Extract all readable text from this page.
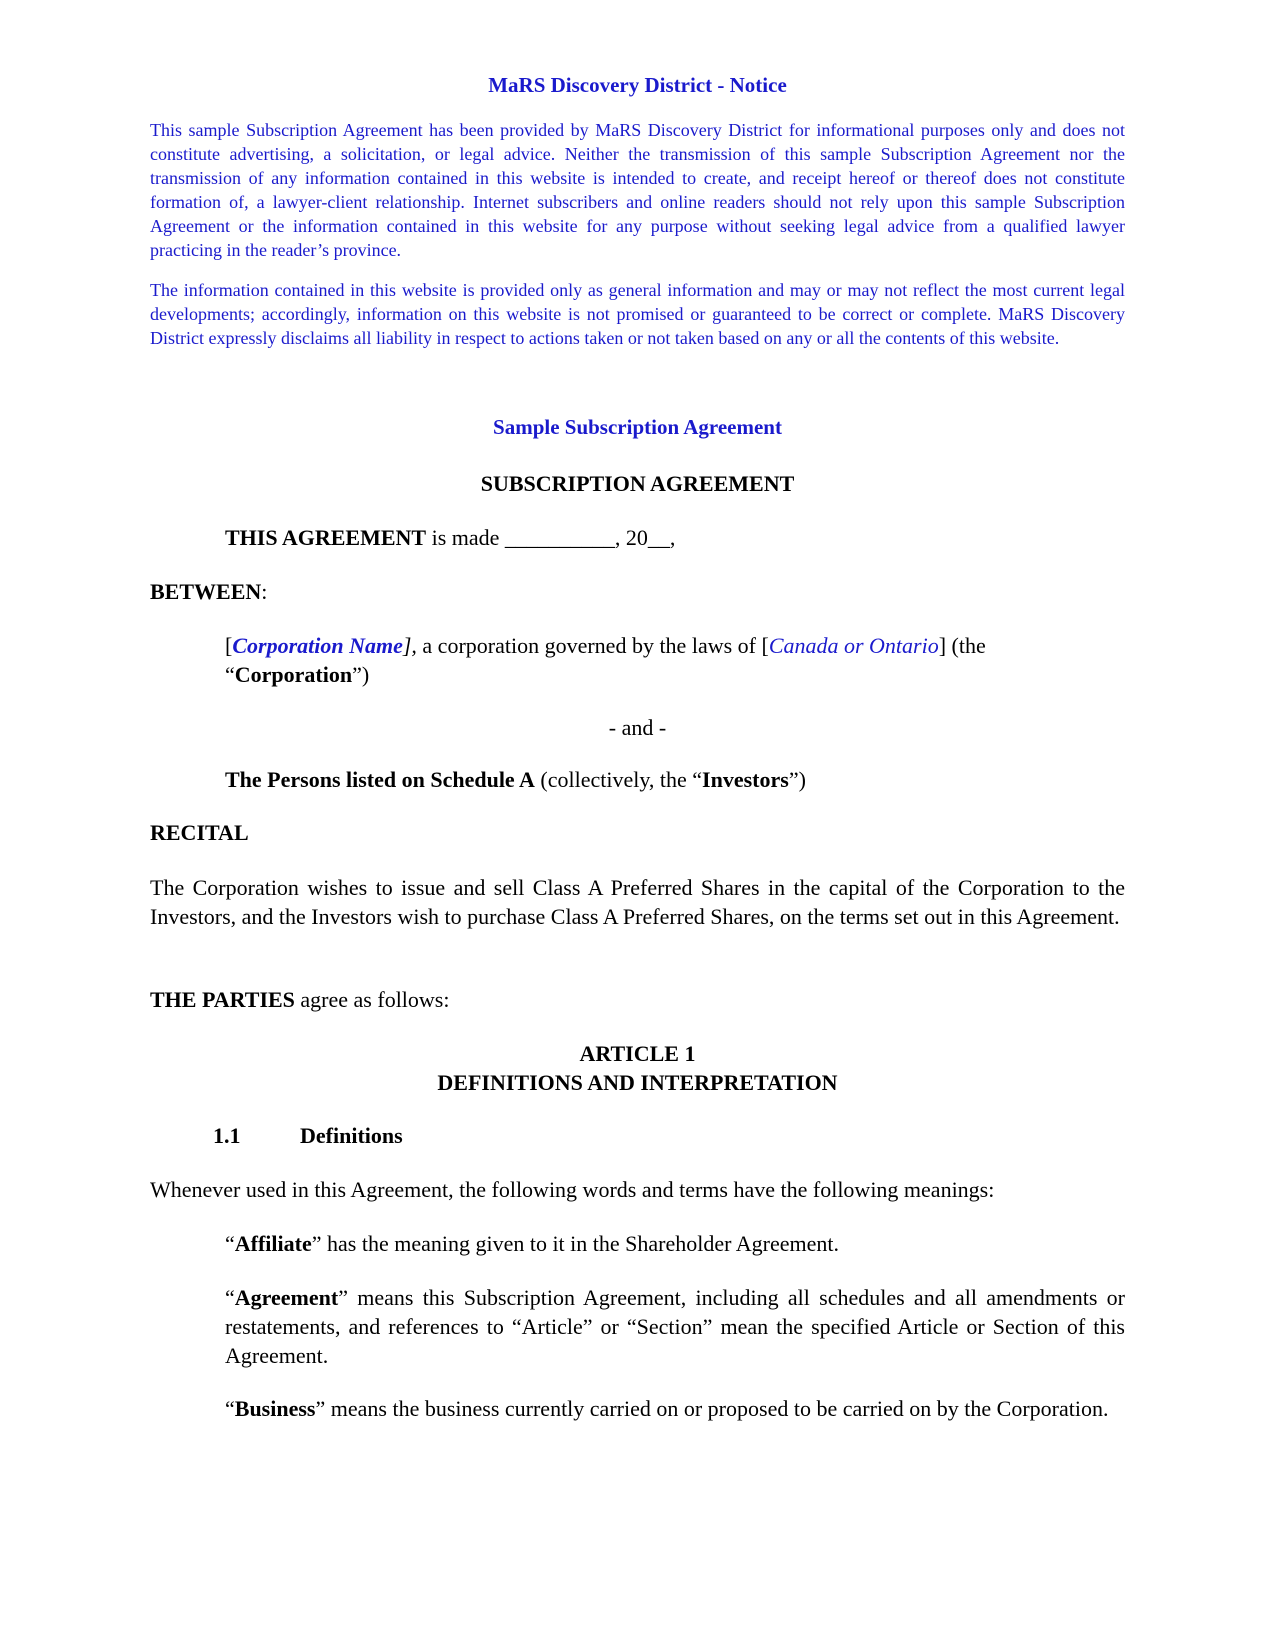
MaRS Discovery District - Notice

This sample Subscription Agreement has been provided by MaRS Discovery District for informational purposes only and does not constitute advertising, a solicitation, or legal advice. Neither the transmission of this sample Subscription Agreement nor the transmission of any information contained in this website is intended to create, and receipt hereof or thereof does not constitute formation of, a lawyer-client relationship. Internet subscribers and online readers should not rely upon this sample Subscription Agreement or the information contained in this website for any purpose without seeking legal advice from a qualified lawyer practicing in the reader’s province.

The information contained in this website is provided only as general information and may or may not reflect the most current legal developments; accordingly, information on this website is not promised or guaranteed to be correct or complete. MaRS Discovery District expressly disclaims all liability in respect to actions taken or not taken based on any or all the contents of this website.

Sample Subscription Agreement
SUBSCRIPTION AGREEMENT

THIS AGREEMENT is made __________, 20__,

BETWEEN:

[Corporation Name], a corporation governed by the laws of [Canada or Ontario] (the
“Corporation”)

- and -

The Persons listed on Schedule A (collectively, the “Investors”)

RECITAL

The Corporation wishes to issue and sell Class A Preferred Shares in the capital of the Corporation to the Investors, and the Investors wish to purchase Class A Preferred Shares, on the terms set out in this Agreement.

THE PARTIES agree as follows:

ARTICLE 1

DEFINITIONS AND INTERPRETATION

1.1	Definitions

Whenever used in this Agreement, the following words and terms have the following meanings:

“Affiliate” has the meaning given to it in the Shareholder Agreement.

“Agreement” means this Subscription Agreement, including all schedules and all amendments or restatements, and references to “Article” or “Section” mean the specified Article or Section of this Agreement.

“Business” means the business currently carried on or proposed to be carried on by the Corporation.
